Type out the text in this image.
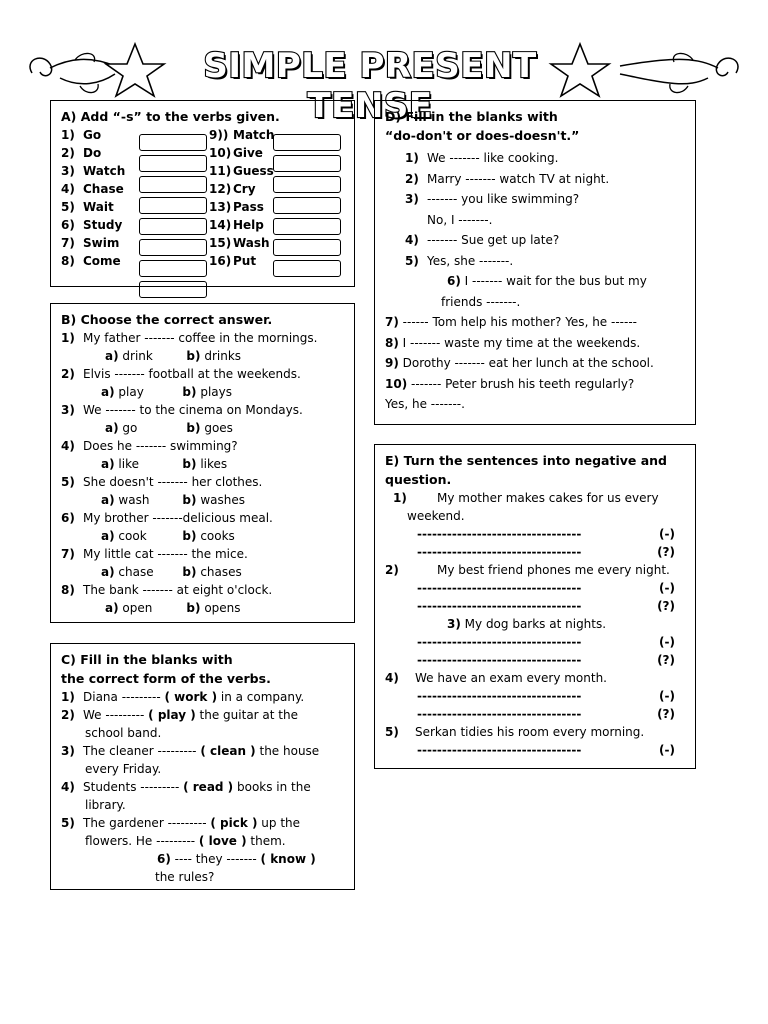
SIMPLE PRESENT TENSE
A) Add “-s” to the verbs given.
1) Go
2) Do
3) Watch
4) Chase
5) Wait
6) Study
7) Swim
8) Come

9)) Match
10) Give
11) Guess
12) Cry
13) Pass
14) Help
15) Wash
16) Put

B) Choose the correct answer.
1) My father ------- coffee in the mornings.
a) drink	b) drinks
2) Elvis ------- football at the weekends.
a) play	b) plays
3) We ------- to the cinema on Mondays.
a) go	b) goes
4) Does he ------- swimming?
a) like	b) likes
5) She doesn't ------- her clothes.
a) wash	b) washes
6) My brother -------delicious meal.
a) cook	b) cooks
7) My little cat ------- the mice.
a) chase b) chases
8) The bank ------- at eight o'clock.
a) open	b) opens
C) Fill in the blanks with
the correct form of the verbs.
1) Diana --------- ( work ) in a company.
2) We --------- ( play ) the guitar at the
school band.
3) The cleaner --------- ( clean ) the house
every Friday.
4) Students --------- ( read ) books in the
library.
5) The gardener --------- ( pick ) up the
flowers. He --------- ( love ) them.
6) ---- they ------- ( know )
the rules?
D) Fill in the blanks with
“do-don't or does-doesn't.”
1) We ------- like cooking.
2) Marry ------- watch TV at night.
3) ------- you like swimming?
No, I -------.
4) ------- Sue get up late?
5) Yes, she -------.
6) I ------- wait for the bus but my
friends -------.
7) ------ Tom help his mother? Yes, he ------
8) I ------- waste my time at the weekends.
9) Dorothy ------- eat her lunch at the school.
10) ------- Peter brush his teeth regularly?
Yes, he -------.
E) Turn the sentences into negative and
question.
1)	My mother makes cakes for us every
weekend.
---------------------------------	(-)
---------------------------------	(?)
2)	My best friend phones me every night.
---------------------------------	(-)
---------------------------------	(?)
3) My dog barks at nights.
---------------------------------	(-)
---------------------------------	(?)
4) We have an exam every month.
---------------------------------	(-)
---------------------------------	(?)
5) Serkan tidies his room every morning.
---------------------------------	(-)
